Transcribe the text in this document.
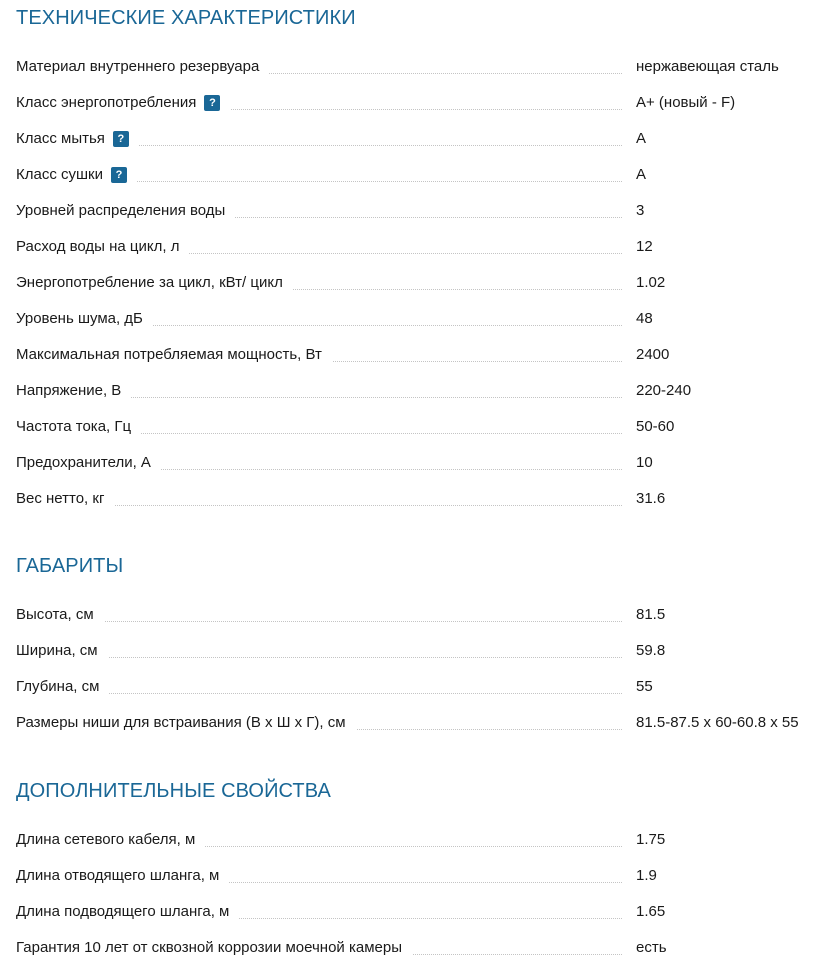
ТЕХНИЧЕСКИЕ ХАРАКТЕРИСТИКИ
Материал внутреннего резервуара	нержавеющая сталь
Класс энергопотребления ?	A+ (новый - F)
Класс мытья ?	A
Класс сушки ?	A
Уровней распределения воды	3
Расход воды на цикл, л	12
Энергопотребление за цикл, кВт/ цикл	1.02
Уровень шума, дБ	48
Максимальная потребляемая мощность, Вт	2400
Напряжение, В	220-240
Частота тока, Гц	50-60
Предохранители, А	10
Вес нетто, кг	31.6
ГАБАРИТЫ
Высота, см	81.5
Ширина, см	59.8
Глубина, см	55
Размеры ниши для встраивания (В х Ш х Г), см	81.5-87.5 x 60-60.8 x 55
ДОПОЛНИТЕЛЬНЫЕ СВОЙСТВА
Длина сетевого кабеля, м	1.75
Длина отводящего шланга, м	1.9
Длина подводящего шланга, м	1.65
Гарантия 10 лет от сквозной коррозии моечной камеры	есть
